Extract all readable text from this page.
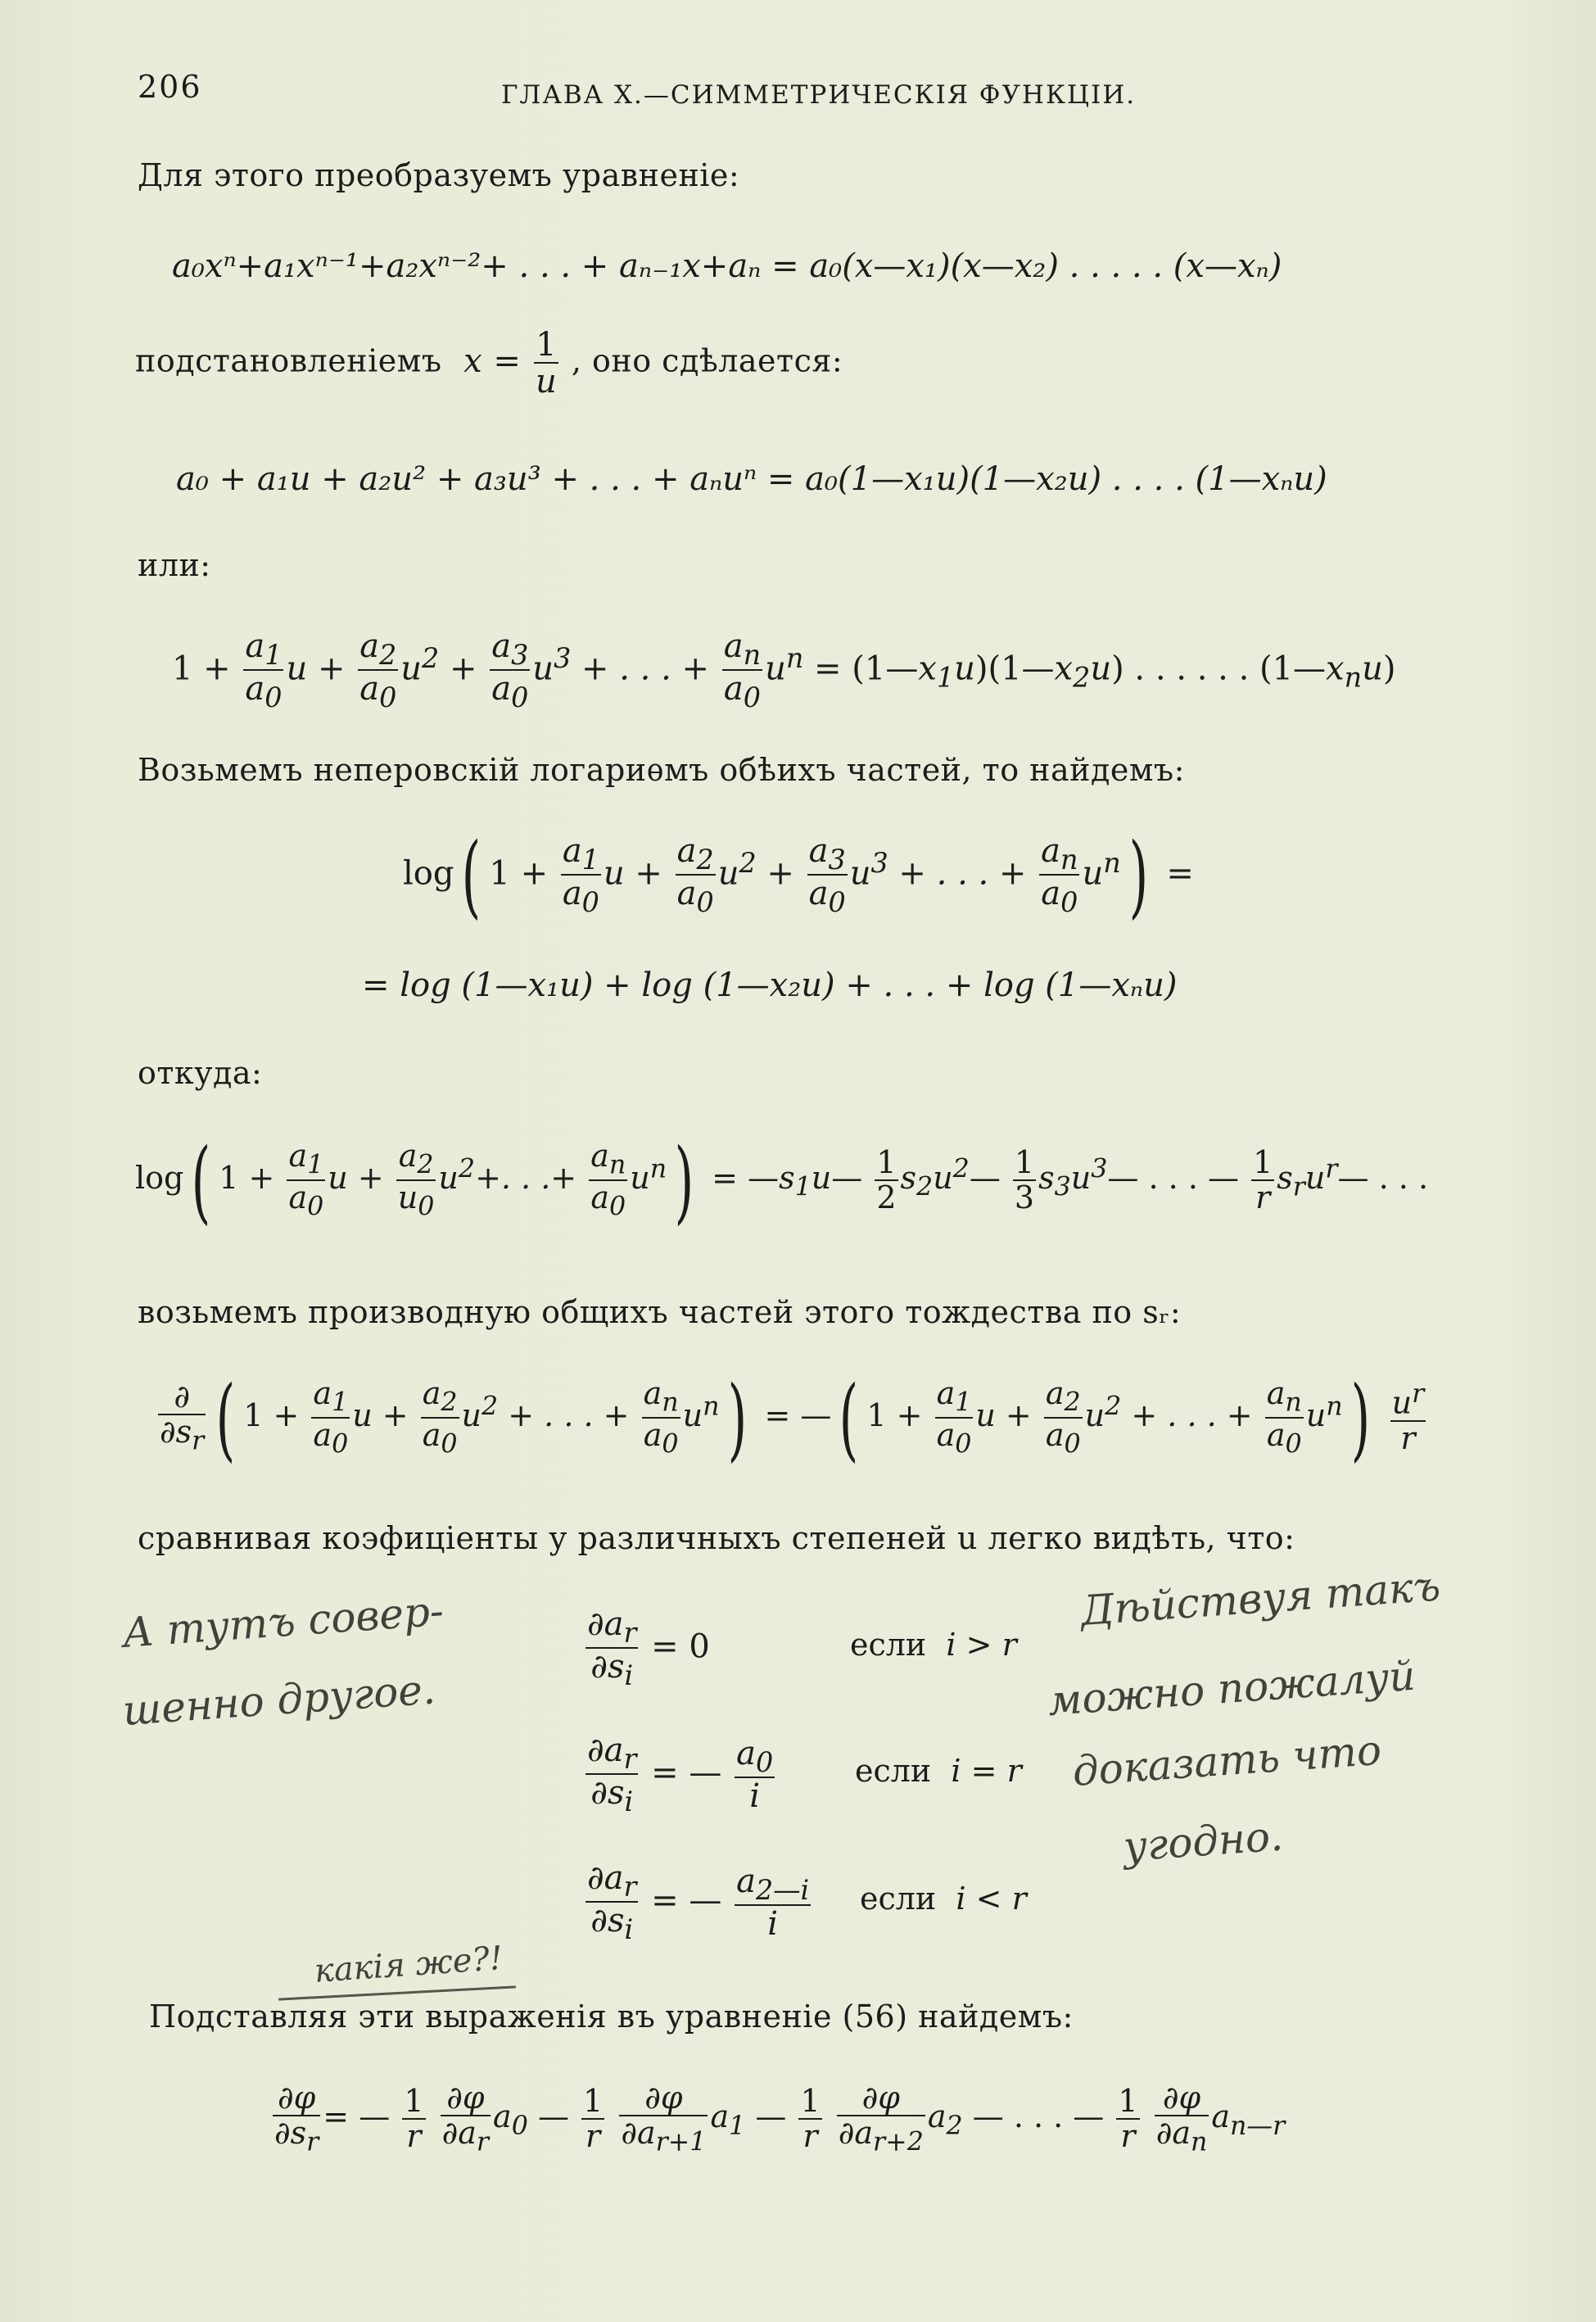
206	ГЛАВА X.—СИММЕТРИЧЕСКІЯ ФУНКЦІИ.
Для этого преобразуемъ уравненіе:
a₀xⁿ+a₁xⁿ⁻¹+a₂xⁿ⁻²+ . . . + aₙ₋₁x+aₙ = a₀(x—x₁)(x—x₂) . . . . . (x—xₙ)
подстановленіемъ $x = \frac{1}{u}$ , оно сдѣлается:
a₀ + a₁u + a₂u² + a₃u³ + . . . + aₙuⁿ = a₀(1—x₁u)(1—x₂u) . . . . (1—xₙu)
или:
$1 + \frac{a_1}{a_0}$ $u + \frac{a_2}{a_0} u^2 + \frac{a_3}{a_0} u^3$ + . . . + $\frac{a_n}{a_0} u^n$ = $(1—x_1u)(1—x_2u)$ . . . . . . $(1—x_nu)$
Возьмемъ неперовскій логариѳмъ обѣихъ частей, то найдемъ:
log( $1 + \frac{a_1}{a_0}$ $u + \frac{a_2}{a_0} u^2 + \frac{a_3}{a_0} u^3$ + . . . + $\frac{a_n}{a_0} u^n$) =
= log (1—x₁u) + log (1—x₂u) + . . . + log (1—xₙu)
откуда:
log( $1 + \frac{a_1}{a_0}$ $u + \frac{a_2}{u_0} u^2+$. . .+ $\frac{a_n}{a_0} u^n$) = $—s_1u— \frac{1}{2}$ $s_2u^2— \frac{1}{3}$ $s_3u^3—$ . . . — $\frac{1}{r}$ $s_ru^r—$ . . .
возьмемъ производную общихъ частей этого тождества по sᵣ:
$\frac{\partial}{\partial s_r}$ ( $1 + \frac{a_1}{a_0}$ $u + \frac{a_2}{a_0} u^2$ + . . . + $\frac{a_n}{a_0} u^n$) = —( $1 + \frac{a_1}{a_0}$ $u + \frac{a_2}{a_0} u^2$ + . . . + $\frac{a_n}{a_0} u^n) \frac{u^r}{r}$
сравнивая коэфиціенты у различныхъ степеней u легко видѣть, что:
$\frac{\partial a_r}{\partial s_i} = 0$	если i > r
$\frac{\partial a_r}{\partial s_i}$ = — $\frac{a_0}{i}$	если i = r
$\frac{\partial a_r}{\partial s_i}$ = — $\frac{a_{2—i}}{i}$ если i < r
Подставляя эти выраженія въ уравненіе (56) найдемъ:
$\frac{\partial\varphi}{\partial s_r}$ = — $\frac{1}{r}$
$\frac{\partial\varphi}{\partial a_r} a_0$ — $\frac{1}{r}$
$\frac{\partial\varphi}{\partial a_{r+1}} a_1$ — $\frac{1}{r}$
$\frac{\partial\varphi}{\partial a_{r+2}} a_2$ — . . . — $\frac{1}{r}$
$\frac{\partial\varphi}{\partial a_n} a_{n—r}$
А тутъ совер-
шенно другое.
Дѣйствуя такъ
можно пожалуй
доказать что
угодно.
какія же?!
